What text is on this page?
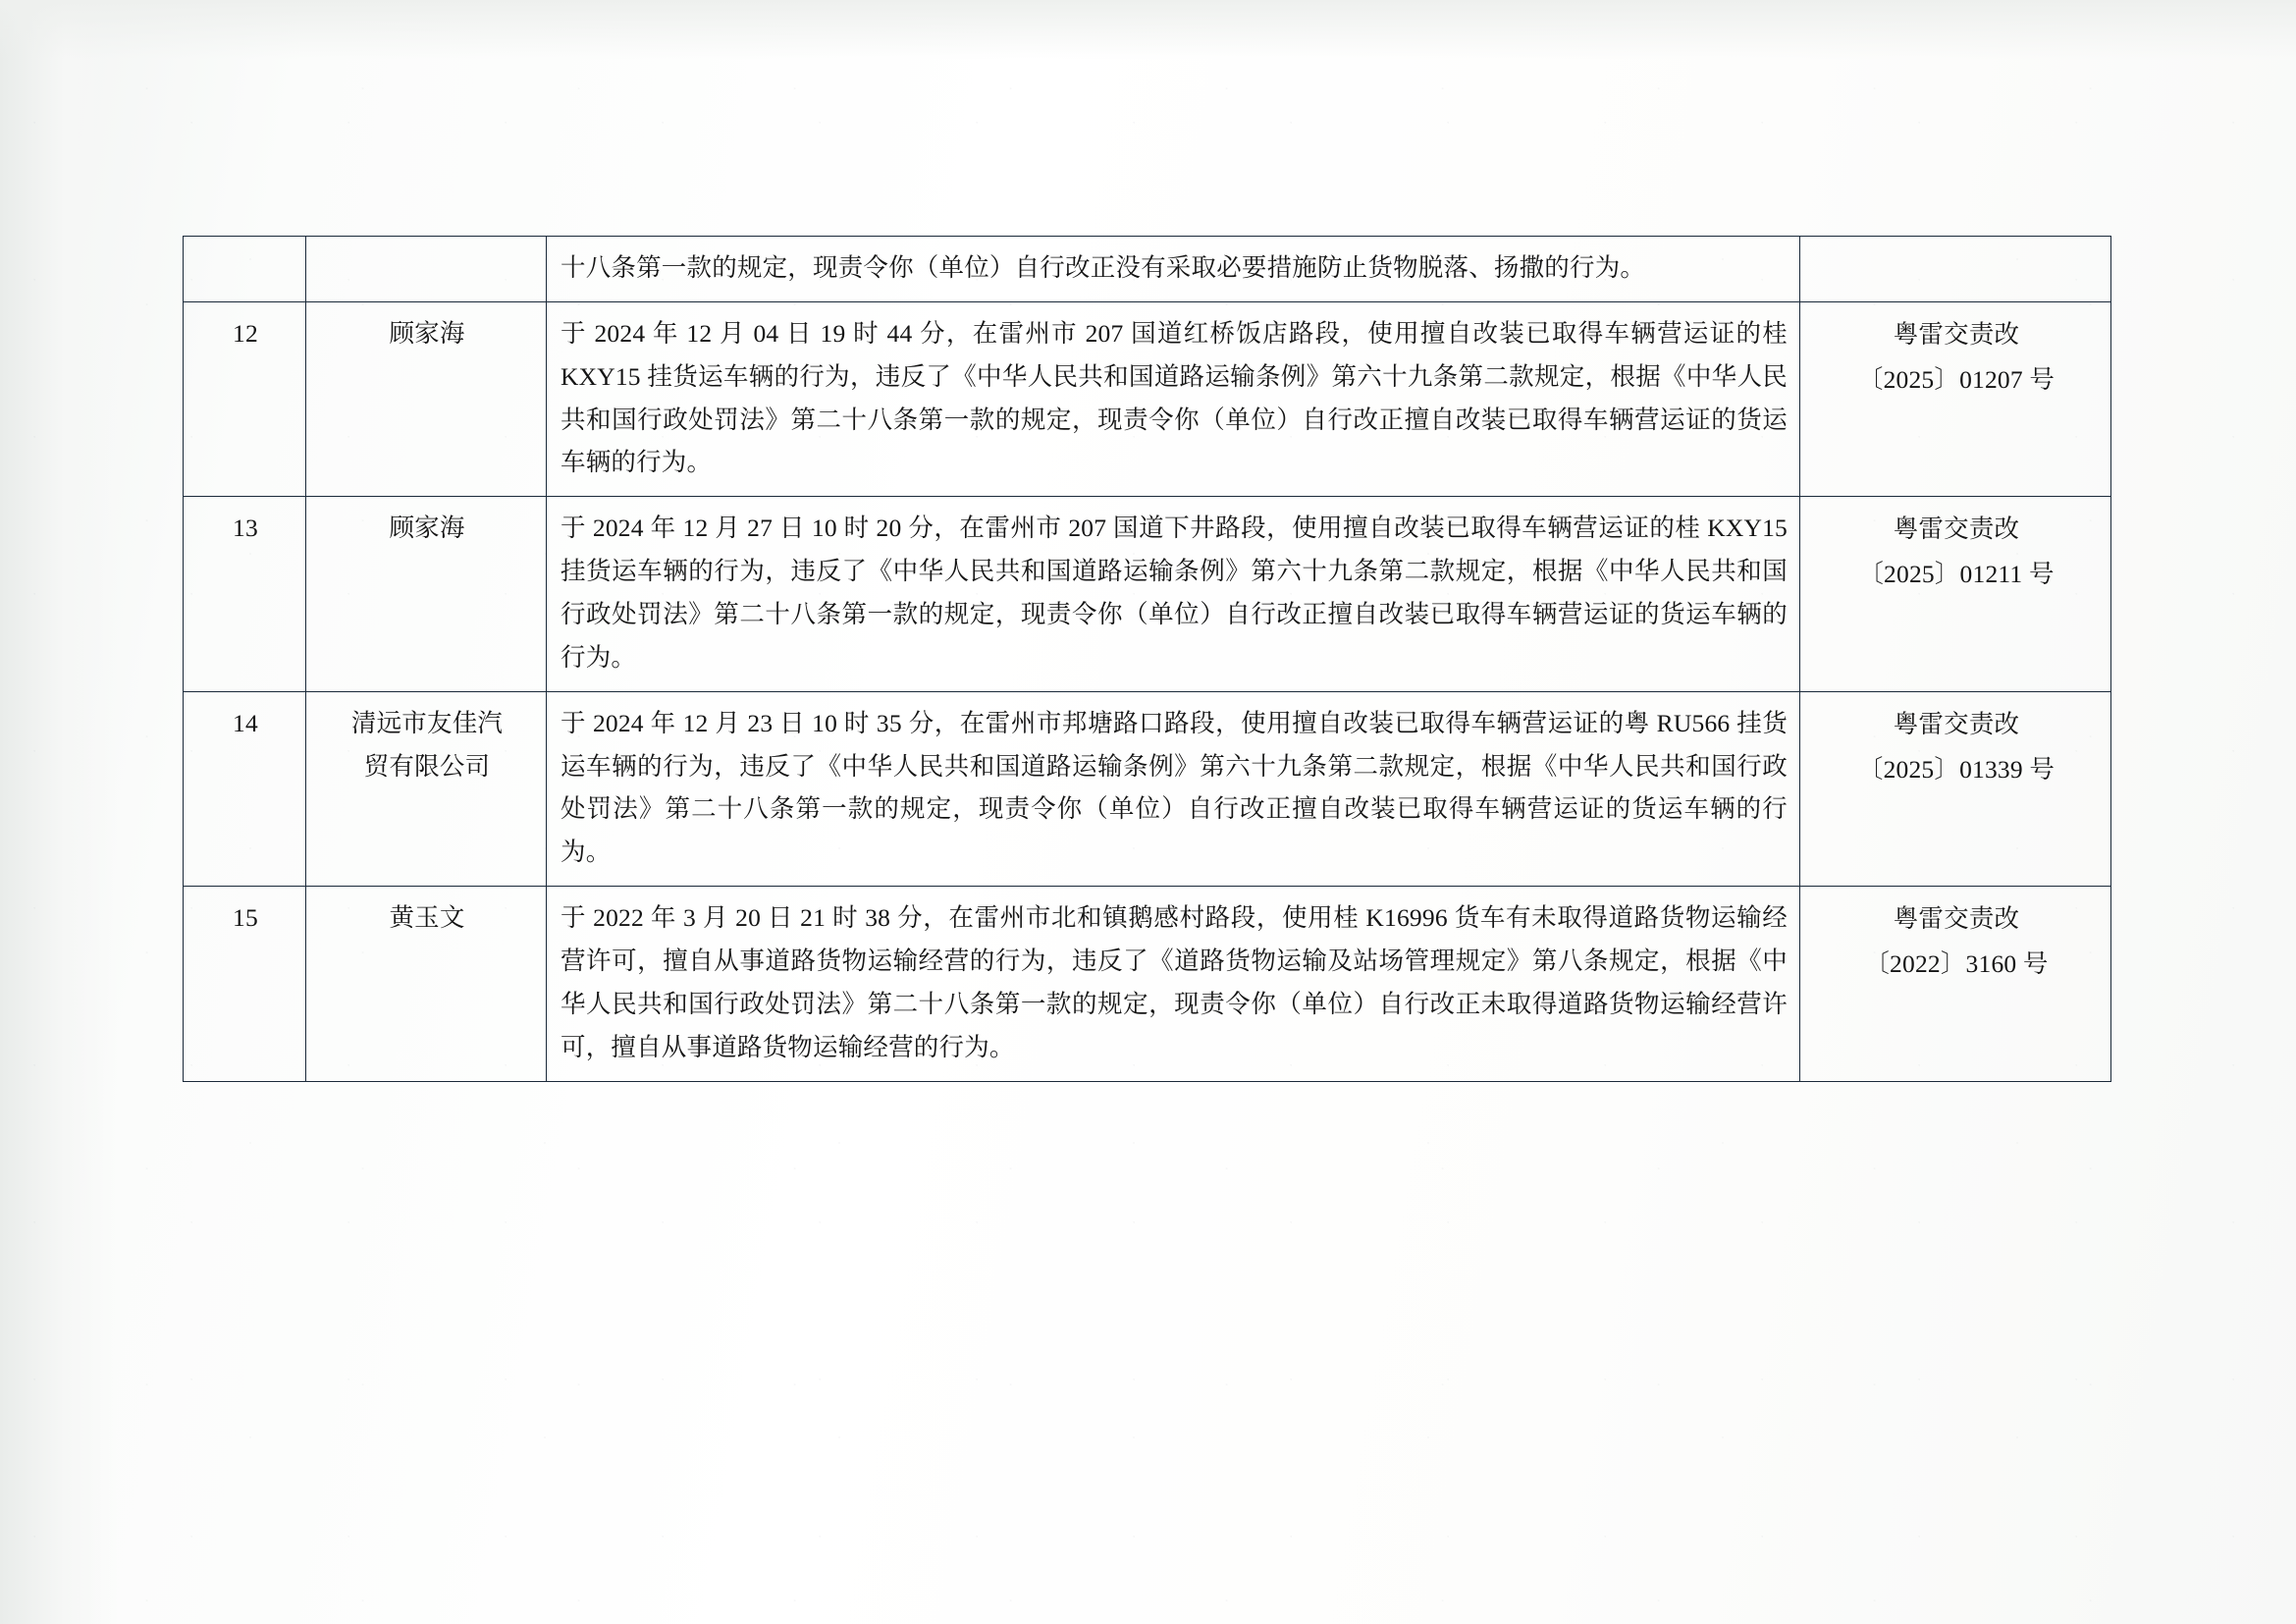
		十八条第一款的规定，现责令你（单位）自行改正没有采取必要措施防止货物脱落、扬撒的行为。	

12	顾家海	于 2024 年 12 月 04 日 19 时 44 分，在雷州市 207 国道红桥饭店路段，使用擅自改装已取得车辆营运证的桂 KXY15 挂货运车辆的行为，违反了《中华人民共和国道路运输条例》第六十九条第二款规定，根据《中华人民共和国行政处罚法》第二十八条第一款的规定，现责令你（单位）自行改正擅自改装已取得车辆营运证的货运车辆的行为。	粤雷交责改
〔2025〕01207 号

13	顾家海	于 2024 年 12 月 27 日 10 时 20 分，在雷州市 207 国道下井路段，使用擅自改装已取得车辆营运证的桂 KXY15 挂货运车辆的行为，违反了《中华人民共和国道路运输条例》第六十九条第二款规定，根据《中华人民共和国行政处罚法》第二十八条第一款的规定，现责令你（单位）自行改正擅自改装已取得车辆营运证的货运车辆的行为。	粤雷交责改
〔2025〕01211 号

14	清远市友佳汽
贸有限公司	于 2024 年 12 月 23 日 10 时 35 分，在雷州市邦塘路口路段，使用擅自改装已取得车辆营运证的粤 RU566 挂货运车辆的行为，违反了《中华人民共和国道路运输条例》第六十九条第二款规定，根据《中华人民共和国行政处罚法》第二十八条第一款的规定，现责令你（单位）自行改正擅自改装已取得车辆营运证的货运车辆的行为。	粤雷交责改
〔2025〕01339 号

15	黄玉文	于 2022 年 3 月 20 日 21 时 38 分，在雷州市北和镇鹅感村路段，使用桂 K16996 货车有未取得道路货物运输经营许可，擅自从事道路货物运输经营的行为，违反了《道路货物运输及站场管理规定》第八条规定，根据《中华人民共和国行政处罚法》第二十八条第一款的规定，现责令你（单位）自行改正未取得道路货物运输经营许可，擅自从事道路货物运输经营的行为。	粤雷交责改
〔2022〕3160 号
